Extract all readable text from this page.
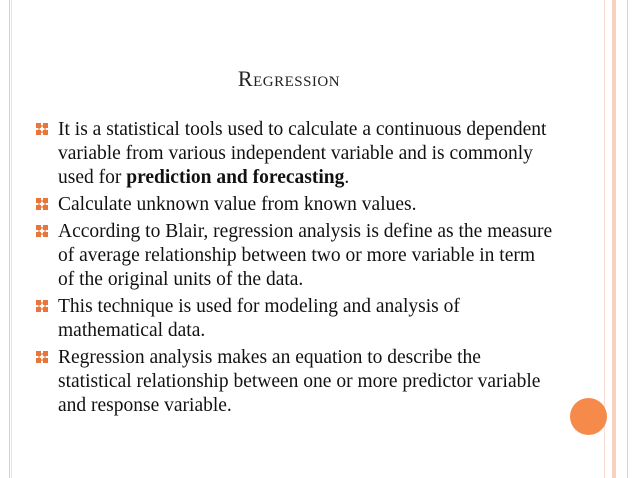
REGRESSION
It is a statistical tools used to calculate a continuous dependent variable from various independent variable and is commonly used for prediction and forecasting.
Calculate unknown value from known values.
According to Blair, regression analysis is define as the measure of average relationship between two or more variable in term of the original units of the data.
This technique is used for modeling and analysis of mathematical data.
Regression analysis makes an equation to describe the statistical relationship between one or more predictor variable and response variable.
